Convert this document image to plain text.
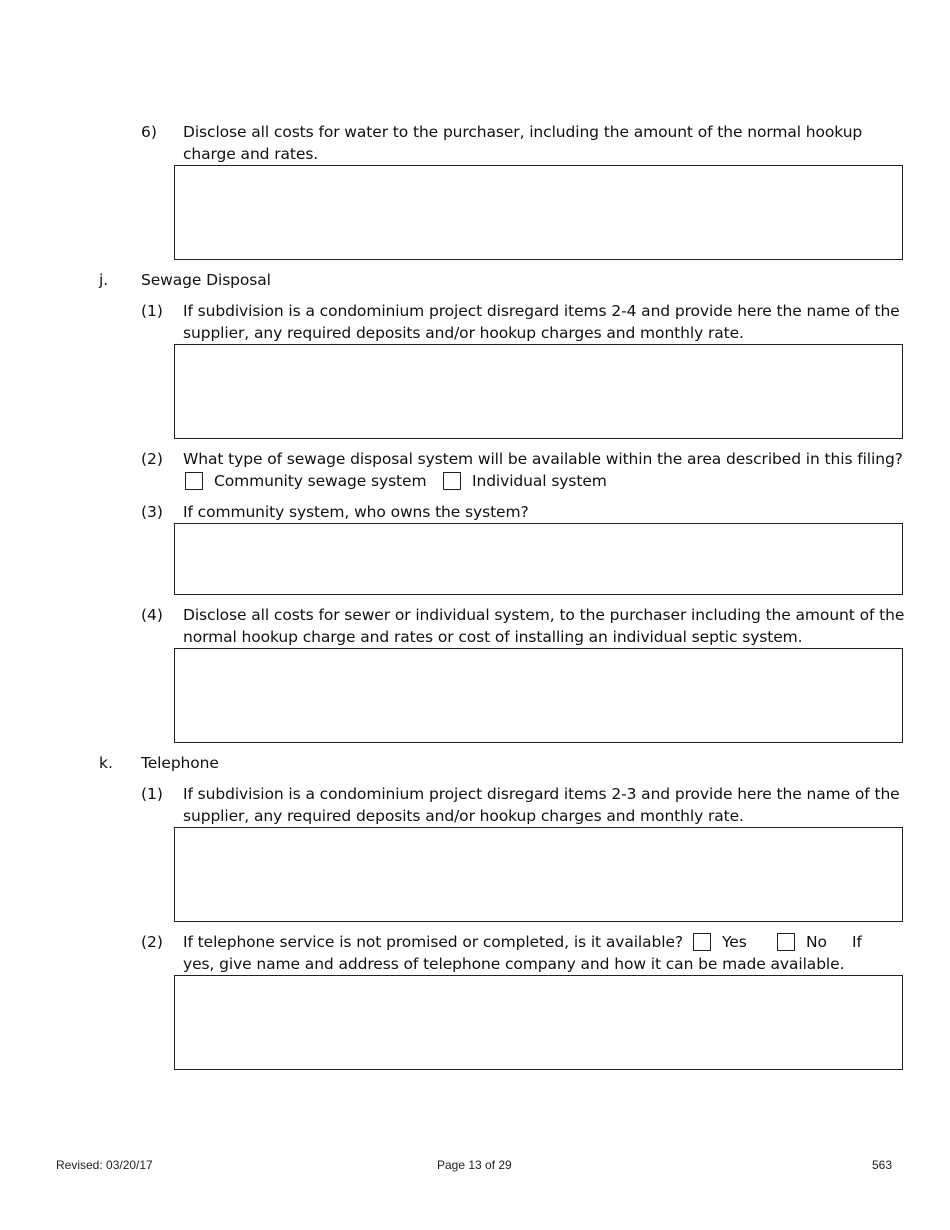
6) Disclose all costs for water to the purchaser, including the amount of the normal hookup
charge and rates.
j. Sewage Disposal
(1) If subdivision is a condominium project disregard items 2-4 and provide here the name of the
supplier, any required deposits and/or hookup charges and monthly rate.
(2) What type of sewage disposal system will be available within the area described in this filing?
Community sewage system	Individual system
(3) If community system, who owns the system?
(4) Disclose all costs for sewer or individual system, to the purchaser including the amount of the
normal hookup charge and rates or cost of installing an individual septic system.
k. Telephone
(1) If subdivision is a condominium project disregard items 2-3 and provide here the name of the
supplier, any required deposits and/or hookup charges and monthly rate.
(2) If telephone service is not promised or completed, is it available?	Yes	No If
yes, give name and address of telephone company and how it can be made available.
Revised: 03/20/17	Page 13 of 29	563
